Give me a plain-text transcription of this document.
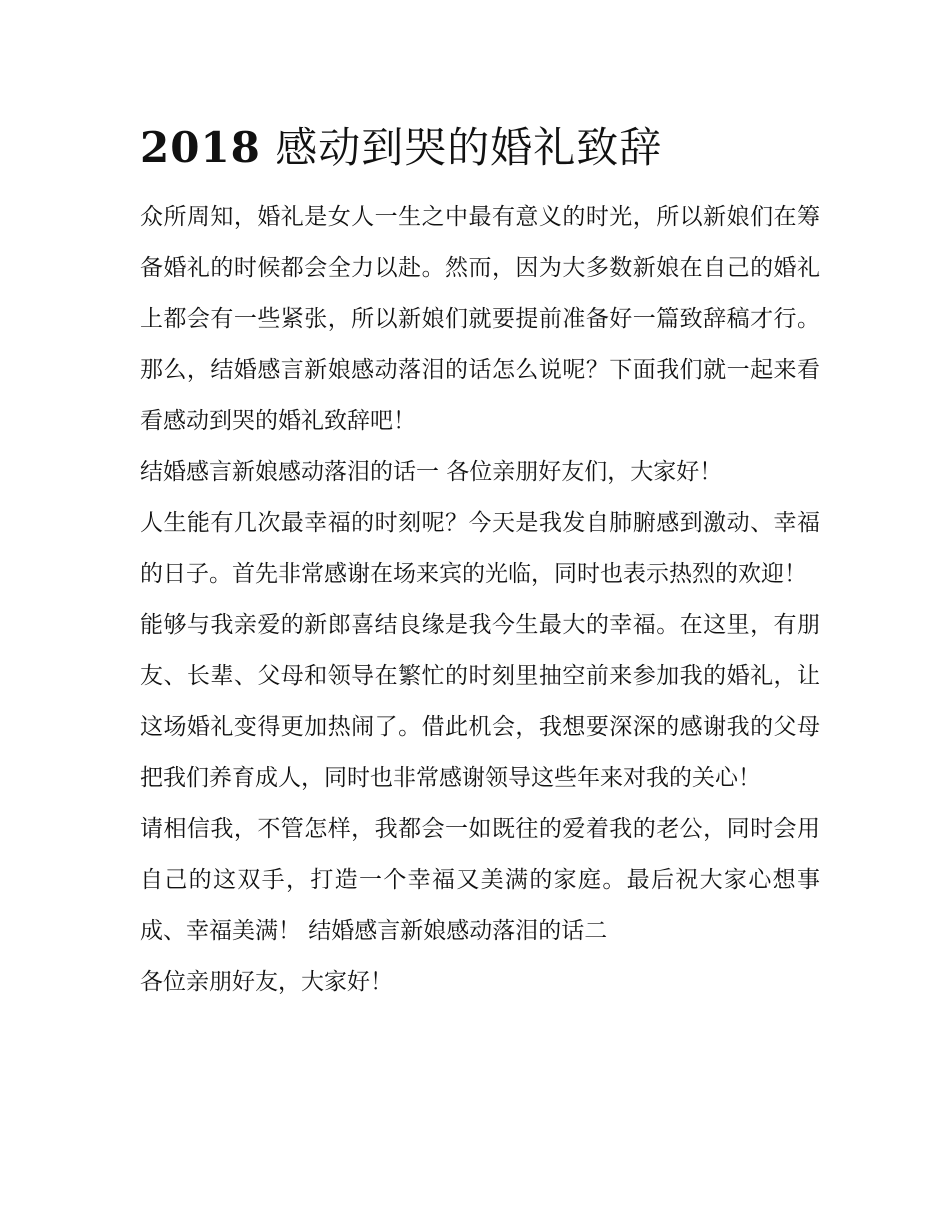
2018 感动到哭的婚礼致辞

众所周知，婚礼是女人一生之中最有意义的时光，所以新娘们在筹备婚礼的时候都会全力以赴。然而，因为大多数新娘在自己的婚礼上都会有一些紧张，所以新娘们就要提前准备好一篇致辞稿才行。那么，结婚感言新娘感动落泪的话怎么说呢？下面我们就一起来看看感动到哭的婚礼致辞吧！

结婚感言新娘感动落泪的话一 各位亲朋好友们，大家好！

人生能有几次最幸福的时刻呢？今天是我发自肺腑感到激动、幸福的日子。首先非常感谢在场来宾的光临，同时也表示热烈的欢迎！

能够与我亲爱的新郎喜结良缘是我今生最大的幸福。在这里，有朋友、长辈、父母和领导在繁忙的时刻里抽空前来参加我的婚礼，让这场婚礼变得更加热闹了。借此机会，我想要深深的感谢我的父母把我们养育成人，同时也非常感谢领导这些年来对我的关心！

请相信我，不管怎样，我都会一如既往的爱着我的老公，同时会用自己的这双手，打造一个幸福又美满的家庭。最后祝大家心想事成、幸福美满！ 结婚感言新娘感动落泪的话二

各位亲朋好友，大家好！
